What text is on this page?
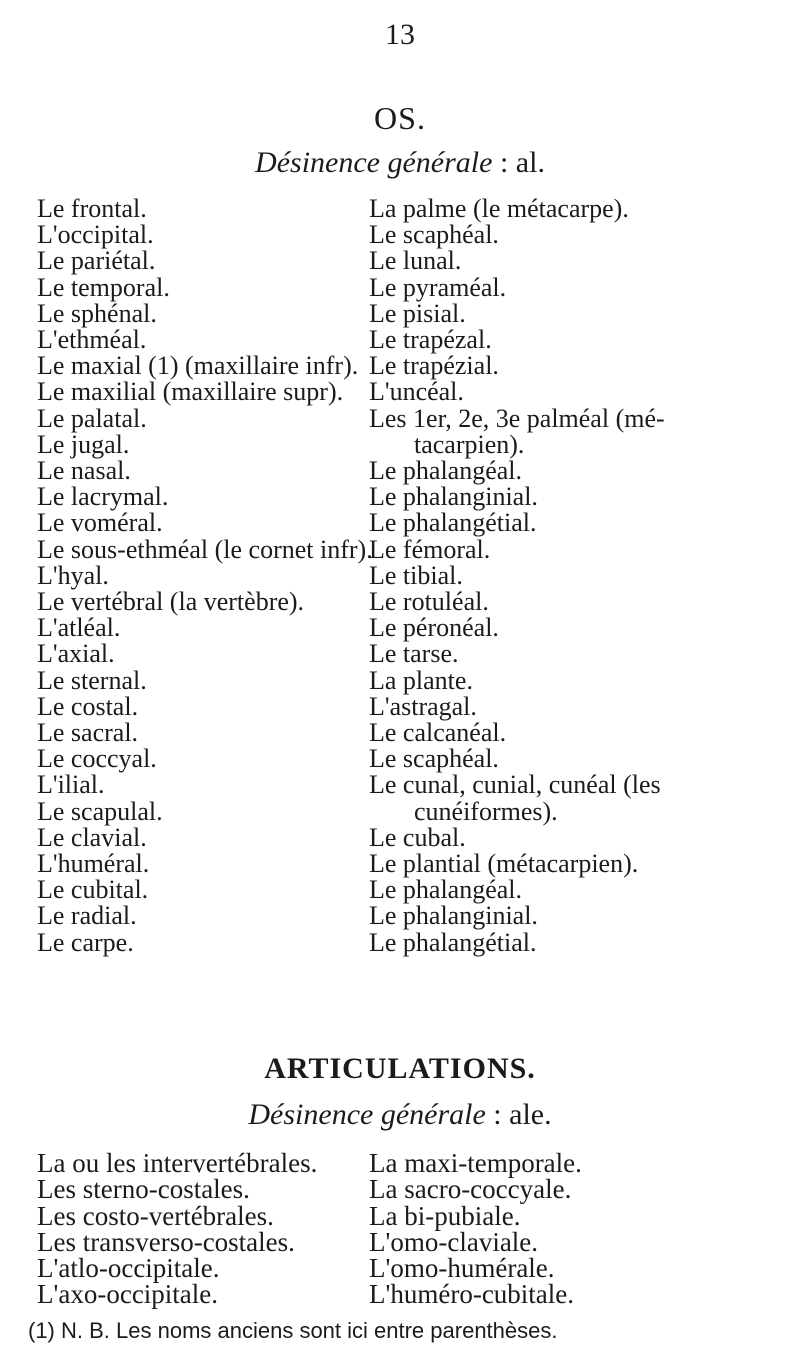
13
OS.
Désinence générale : al.
Le frontal.
L'occipital.
Le pariétal.
Le temporal.
Le sphénal.
L'ethméal.
Le maxial (1) (maxillaire infr).
Le maxilial (maxillaire supr).
Le palatal.
Le jugal.
Le nasal.
Le lacrymal.
Le voméral.
Le sous-ethméal (le cornet infr).
L'hyal.
Le vertébral (la vertèbre).
L'atléal.
L'axial.
Le sternal.
Le costal.
Le sacral.
Le coccyal.
L'ilial.
Le scapulal.
Le clavial.
L'huméral.
Le cubital.
Le radial.
Le carpe.
La palme (le métacarpe).
Le scaphéal.
Le lunal.
Le pyraméal.
Le pisial.
Le trapézal.
Le trapézial.
L'uncéal.
Les 1er, 2e, 3e palméal (mé-
tacarpien).
Le phalangéal.
Le phalanginial.
Le phalangétial.
Le fémoral.
Le tibial.
Le rotuléal.
Le péronéal.
Le tarse.
La plante.
L'astragal.
Le calcanéal.
Le scaphéal.
Le cunal, cunial, cunéal (les
cunéiformes).
Le cubal.
Le plantial (métacarpien).
Le phalangéal.
Le phalanginial.
Le phalangétial.
ARTICULATIONS.
Désinence générale : ale.
La ou les intervertébrales.
Les sterno-costales.
Les costo-vertébrales.
Les transverso-costales.
L'atlo-occipitale.
L'axo-occipitale.
La maxi-temporale.
La sacro-coccyale.
La bi-pubiale.
L'omo-claviale.
L'omo-humérale.
L'huméro-cubitale.
(1) N. B. Les noms anciens sont ici entre parenthèses.
